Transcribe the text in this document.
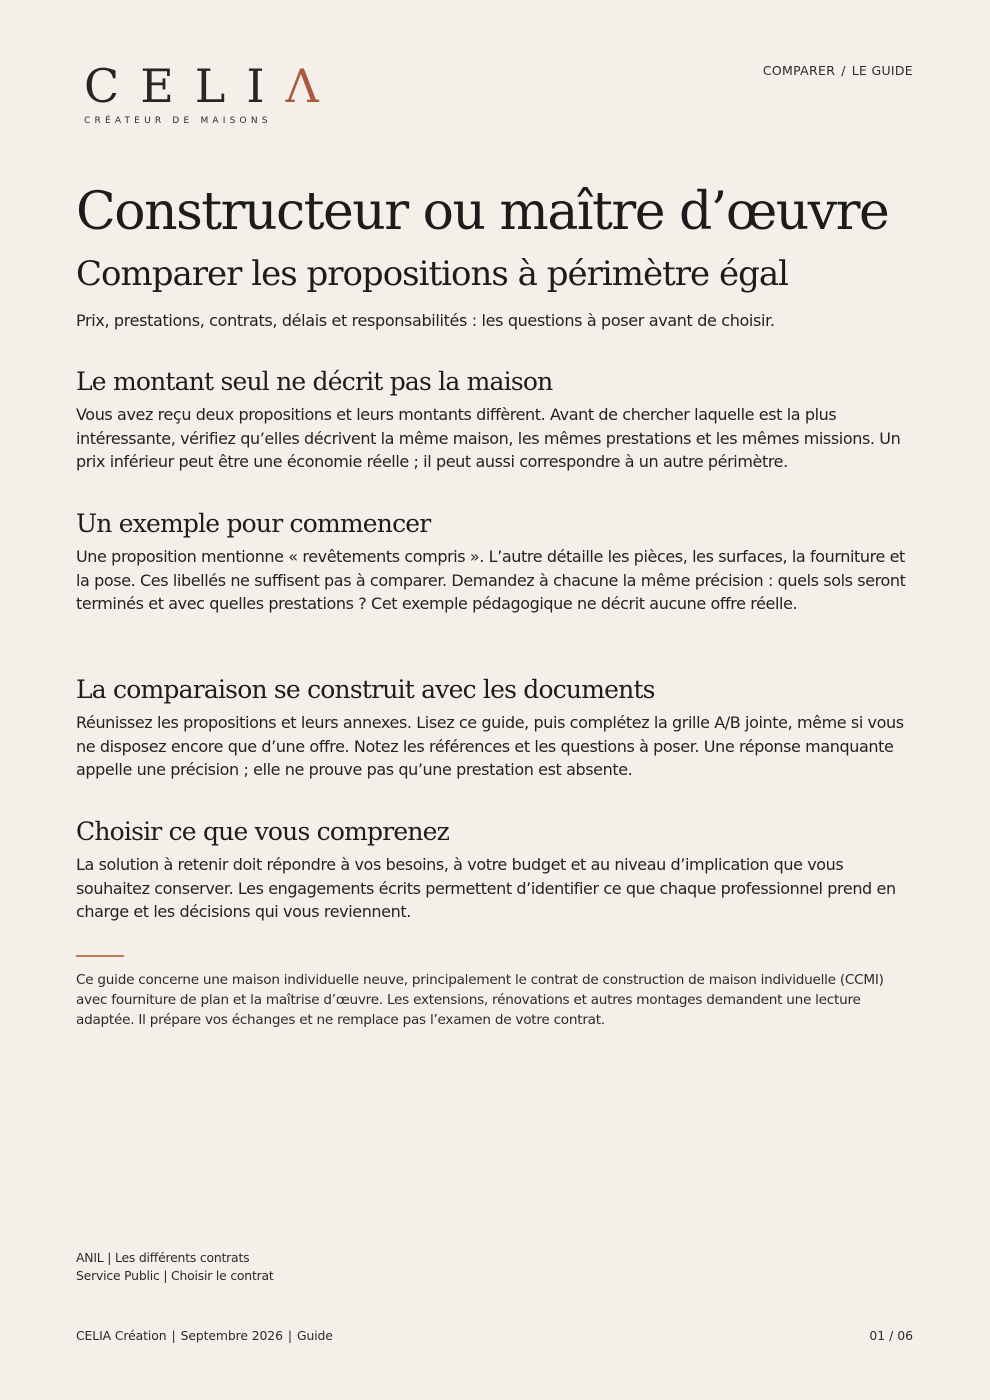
CELIΛ
CRÉATEUR DE MAISONS
COMPARER / LE GUIDE
Constructeur ou maître d’œuvre
Comparer les propositions à périmètre égal

Prix, prestations, contrats, délais et responsabilités : les questions à poser avant de choisir.

Le montant seul ne décrit pas la maison

Vous avez reçu deux propositions et leurs montants diffèrent. Avant de chercher laquelle est la plus intéressante, vérifiez qu’elles décrivent la même maison, les mêmes prestations et les mêmes missions. Un prix inférieur peut être une économie réelle ; il peut aussi correspondre à un autre périmètre.

Un exemple pour commencer

Une proposition mentionne « revêtements compris ». L’autre détaille les pièces, les surfaces, la fourniture et la pose. Ces libellés ne suffisent pas à comparer. Demandez à chacune la même précision : quels sols seront terminés et avec quelles prestations ? Cet exemple pédagogique ne décrit aucune offre réelle.

La comparaison se construit avec les documents

Réunissez les propositions et leurs annexes. Lisez ce guide, puis complétez la grille A/B jointe, même si vous ne disposez encore que d’une offre. Notez les références et les questions à poser. Une réponse manquante appelle une précision ; elle ne prouve pas qu’une prestation est absente.

Choisir ce que vous comprenez

La solution à retenir doit répondre à vos besoins, à votre budget et au niveau d’implication que vous souhaitez conserver. Les engagements écrits permettent d’identifier ce que chaque professionnel prend en charge et les décisions qui vous reviennent.

Ce guide concerne une maison individuelle neuve, principalement le contrat de construction de maison individuelle (CCMI) avec fourniture de plan et la maîtrise d’œuvre. Les extensions, rénovations et autres montages demandent une lecture adaptée. Il prépare vos échanges et ne remplace pas l’examen de votre contrat.

ANIL | Les différents contrats
Service Public | Choisir le contrat
CELIA Création | Septembre 2026 | Guide	01 / 06
